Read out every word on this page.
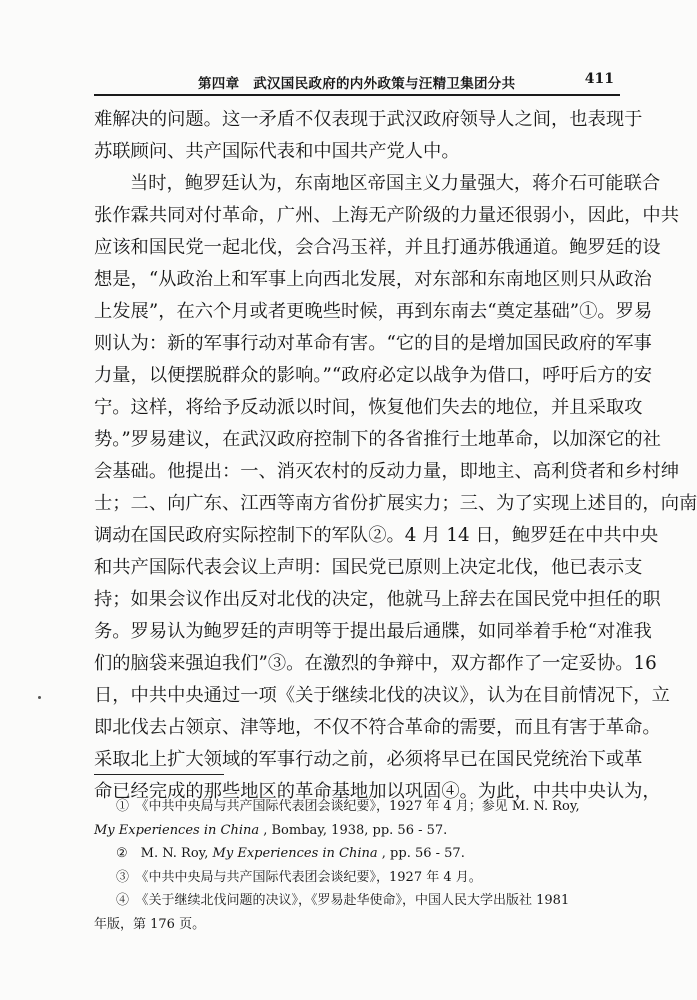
第四章　武汉国民政府的内外政策与汪精卫集团分共	411
难解决的问题。这一矛盾不仅表现于武汉政府领导人之间，也表现于
苏联顾问、共产国际代表和中国共产党人中。
当时，鲍罗廷认为，东南地区帝国主义力量强大，蒋介石可能联合
张作霖共同对付革命，广州、上海无产阶级的力量还很弱小，因此，中共
应该和国民党一起北伐，会合冯玉祥，并且打通苏俄通道。鲍罗廷的设
想是，“从政治上和军事上向西北发展，对东部和东南地区则只从政治
上发展”，在六个月或者更晚些时候，再到东南去“奠定基础”①。罗易
则认为：新的军事行动对革命有害。“它的目的是增加国民政府的军事
力量，以便摆脱群众的影响。”“政府必定以战争为借口，呼吁后方的安
宁。这样，将给予反动派以时间，恢复他们失去的地位，并且采取攻
势。”罗易建议，在武汉政府控制下的各省推行土地革命，以加深它的社
会基础。他提出：一、消灭农村的反动力量，即地主、高利贷者和乡村绅
士；二、向广东、江西等南方省份扩展实力；三、为了实现上述目的，向南
调动在国民政府实际控制下的军队②。4 月 14 日，鲍罗廷在中共中央
和共产国际代表会议上声明：国民党已原则上决定北伐，他已表示支
持；如果会议作出反对北伐的决定，他就马上辞去在国民党中担任的职
务。罗易认为鲍罗廷的声明等于提出最后通牒，如同举着手枪“对准我
们的脑袋来强迫我们”③。在激烈的争辩中，双方都作了一定妥协。16
日，中共中央通过一项《关于继续北伐的决议》，认为在目前情况下，立
即北伐去占领京、津等地，不仅不符合革命的需要，而且有害于革命。
采取北上扩大领域的军事行动之前，必须将早已在国民党统治下或革
命已经完成的那些地区的革命基地加以巩固④。为此，中共中央认为，
①　《中共中央局与共产国际代表团会谈纪要》，1927 年 4 月；参见 M. N. Roy,
My Experiences in China , Bombay, 1938, pp. 56 - 57.
②　M. N. Roy, My Experiences in China , pp. 56 - 57.
③　《中共中央局与共产国际代表团会谈纪要》，1927 年 4 月。
④　《关于继续北伐问题的决议》，《罗易赴华使命》，中国人民大学出版社 1981
年版，第 176 页。
